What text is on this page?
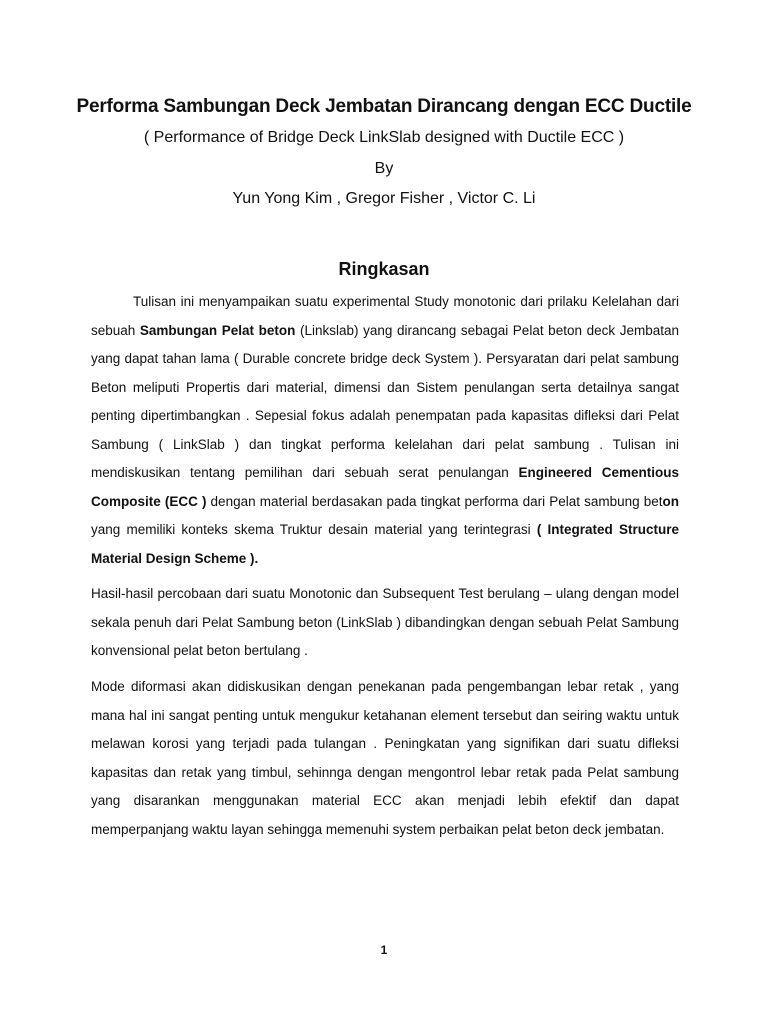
Performa Sambungan Deck Jembatan Dirancang dengan ECC Ductile
( Performance of Bridge Deck LinkSlab designed with Ductile ECC )
By
Yun Yong Kim , Gregor Fisher , Victor C. Li
Ringkasan
Tulisan ini menyampaikan suatu experimental Study monotonic dari prilaku Kelelahan dari sebuah Sambungan Pelat beton (Linkslab) yang dirancang sebagai Pelat beton deck Jembatan yang dapat tahan lama ( Durable concrete bridge deck System ). Persyaratan dari pelat sambung Beton meliputi Propertis dari material, dimensi dan Sistem penulangan serta detailnya sangat penting dipertimbangkan . Sepesial fokus adalah penempatan pada kapasitas difleksi dari Pelat Sambung ( LinkSlab ) dan tingkat performa kelelahan dari pelat sambung . Tulisan ini mendiskusikan tentang pemilihan dari sebuah serat penulangan Engineered Cementious Composite (ECC ) dengan material berdasakan pada tingkat performa dari Pelat sambung beton yang memiliki konteks skema Truktur desain material yang terintegrasi ( Integrated Structure Material Design Scheme ).
Hasil-hasil percobaan dari suatu Monotonic dan Subsequent Test berulang – ulang dengan model sekala penuh dari Pelat Sambung beton (LinkSlab ) dibandingkan dengan sebuah Pelat Sambung konvensional pelat beton bertulang .
Mode diformasi akan didiskusikan dengan penekanan pada pengembangan lebar retak , yang mana hal ini sangat penting untuk mengukur ketahanan element tersebut dan seiring waktu untuk melawan korosi yang terjadi pada tulangan . Peningkatan yang signifikan dari suatu difleksi kapasitas dan retak yang timbul, sehinnga dengan mengontrol lebar retak pada Pelat sambung yang disarankan menggunakan material ECC akan menjadi lebih efektif dan dapat memperpanjang waktu layan sehingga memenuhi system perbaikan pelat beton deck jembatan.
1
